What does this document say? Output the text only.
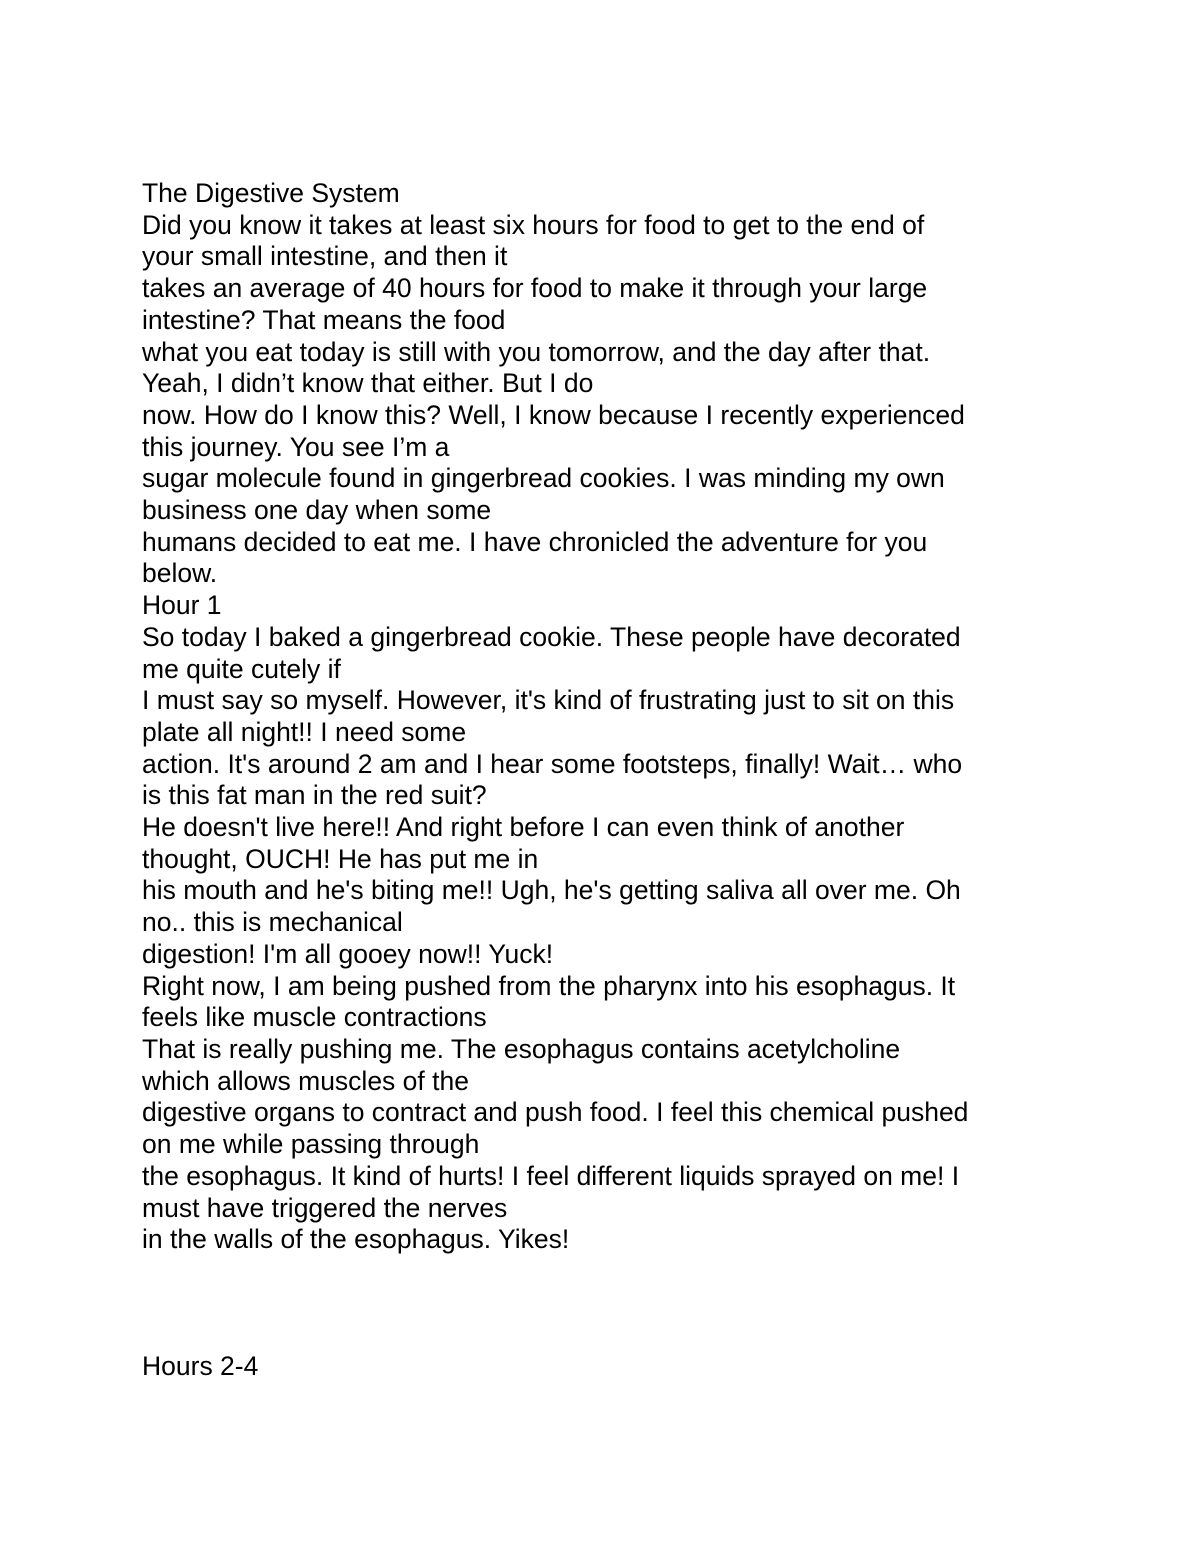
The Digestive System
Did you know it takes at least six hours for food to get to the end of
your small intestine, and then it
takes an average of 40 hours for food to make it through your large
intestine? That means the food
what you eat today is still with you tomorrow, and the day after that.
Yeah, I didn’t know that either. But I do
now. How do I know this? Well, I know because I recently experienced
this journey. You see I’m a
sugar molecule found in gingerbread cookies. I was minding my own
business one day when some
humans decided to eat me. I have chronicled the adventure for you
below.
Hour 1
So today I baked a gingerbread cookie. These people have decorated
me quite cutely if
I must say so myself. However, it's kind of frustrating just to sit on this
plate all night!! I need some
action. It's around 2 am and I hear some footsteps, finally! Wait… who
is this fat man in the red suit?
He doesn't live here!! And right before I can even think of another
thought, OUCH! He has put me in
his mouth and he's biting me!! Ugh, he's getting saliva all over me. Oh
no.. this is mechanical
digestion! I'm all gooey now!! Yuck!
Right now, I am being pushed from the pharynx into his esophagus. It
feels like muscle contractions
That is really pushing me. The esophagus contains acetylcholine
which allows muscles of the
digestive organs to contract and push food. I feel this chemical pushed
on me while passing through
the esophagus. It kind of hurts! I feel different liquids sprayed on me! I
must have triggered the nerves
in the walls of the esophagus. Yikes!
Hours 2-4
